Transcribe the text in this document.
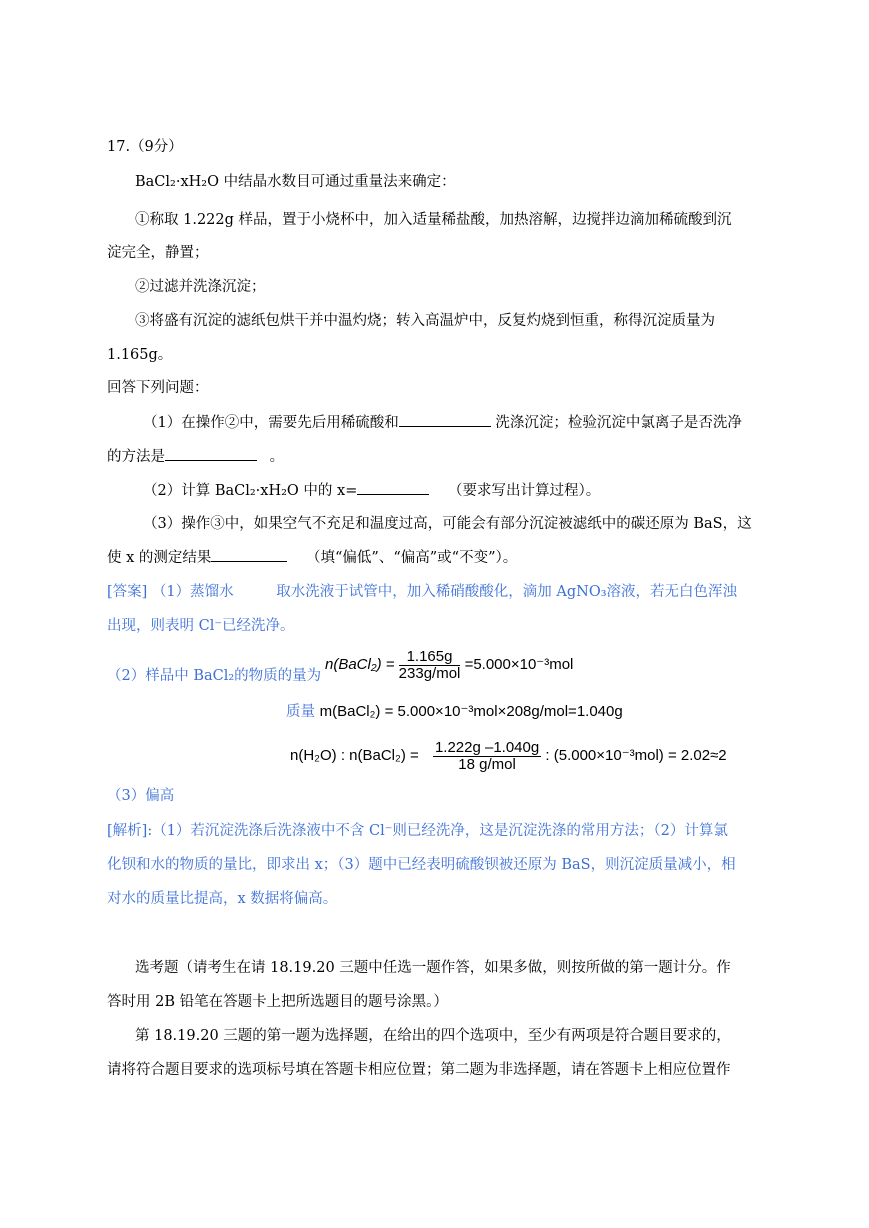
17.（9分）
BaCl₂·xH₂O 中结晶水数目可通过重量法来确定：
①称取 1.222g 样品，置于小烧杯中，加入适量稀盐酸，加热溶解，边搅拌边滴加稀硫酸到沉
淀完全，静置；
②过滤并洗涤沉淀；
③将盛有沉淀的滤纸包烘干并中温灼烧；转入高温炉中，反复灼烧到恒重，称得沉淀质量为
1.165g。
回答下列问题：
（1）在操作②中，需要先后用稀硫酸和	洗涤沉淀；检验沉淀中氯离子是否洗净
的方法是	。
（2）计算 BaCl₂·xH₂O 中的 x=	（要求写出计算过程）。
（3）操作③中，如果空气不充足和温度过高，可能会有部分沉淀被滤纸中的碳还原为 BaS，这
使 x 的测定结果	（填“偏低”、“偏高”或“不变”）。
[答案] （1）蒸馏水	取水洗液于试管中，加入稀硝酸酸化，滴加 AgNO₃溶液，若无白色浑浊
出现，则表明 Cl⁻已经洗净。
（2）样品中 BaCl₂的物质的量为
n(BaCl₂) = $\frac{1.165g}{\text{233g/mol}} =5.000\times 10^{-3}mol$
质量 m(BaCl₂) = 5.000×10⁻³mol×208g/mol=1.040g
n(H₂O) : n(BaCl₂) = $\frac{1.222g -1.040g}{\text{18 g/mol}}$ : (5.000×10⁻³mol) = 2.02≈2
（3）偏高
[解析]:（1）若沉淀洗涤后洗涤液中不含 Cl⁻则已经洗净，这是沉淀洗涤的常用方法；（2）计算氯
化钡和水的物质的量比，即求出 x；（3）题中已经表明硫酸钡被还原为 BaS，则沉淀质量减小，相
对水的质量比提高，x 数据将偏高。
选考题（请考生在请 18.19.20 三题中任选一题作答，如果多做，则按所做的第一题计分。作
答时用 2B 铅笔在答题卡上把所选题目的题号涂黑。）
第 18.19.20 三题的第一题为选择题，在给出的四个选项中，至少有两项是符合题目要求的，
请将符合题目要求的选项标号填在答题卡相应位置；第二题为非选择题，请在答题卡上相应位置作
